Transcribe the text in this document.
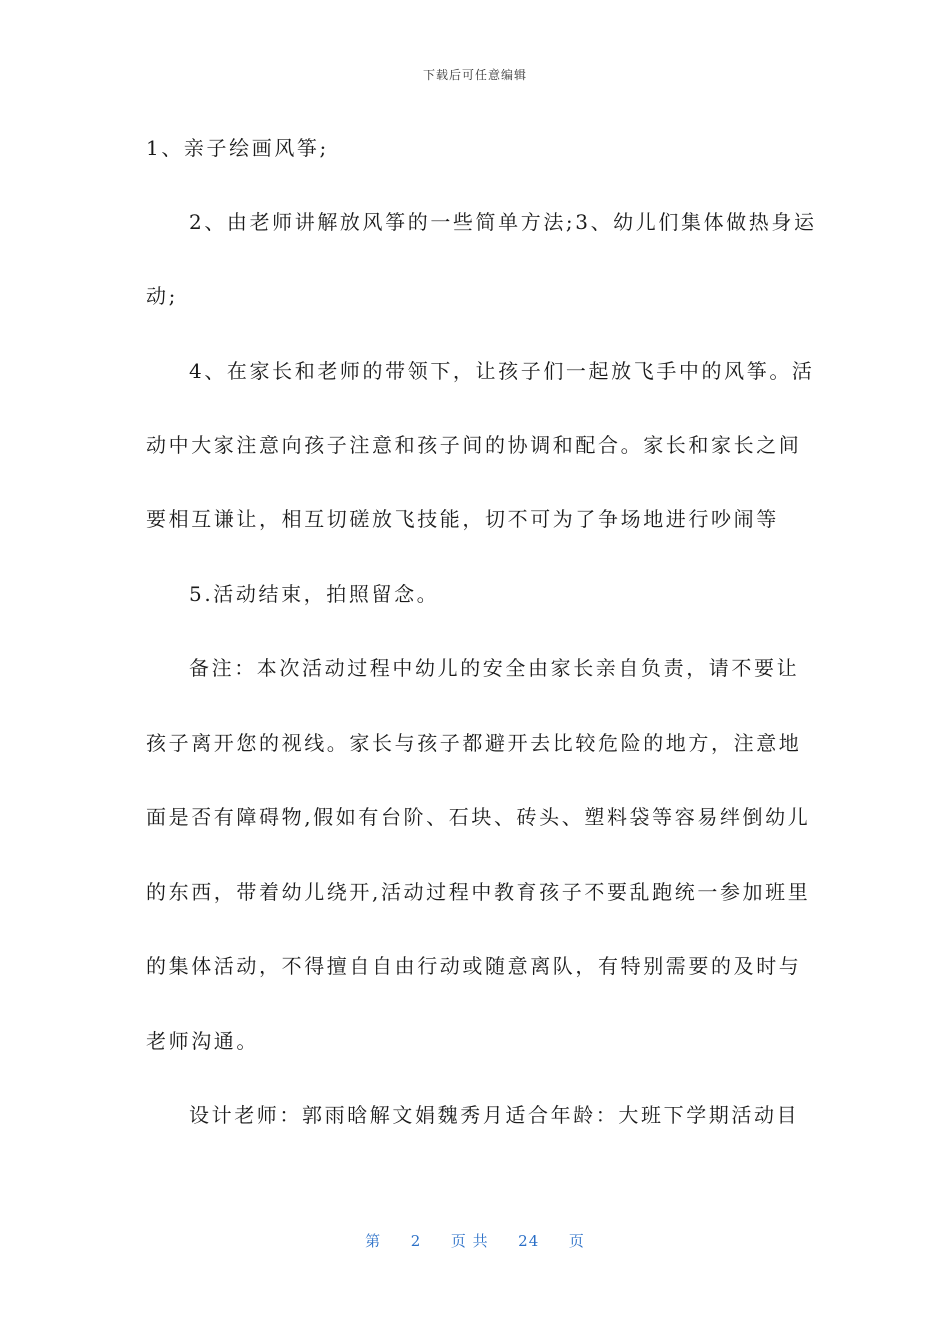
下载后可任意编辑
1、亲子绘画风筝;
2、由老师讲解放风筝的一些简单方法;3、幼儿们集体做热身运
动;
4、在家长和老师的带领下，让孩子们一起放飞手中的风筝。活
动中大家注意向孩子注意和孩子间的协调和配合。家长和家长之间
要相互谦让，相互切磋放飞技能，切不可为了争场地进行吵闹等
5.活动结束，拍照留念。
备注：本次活动过程中幼儿的安全由家长亲自负责，请不要让
孩子离开您的视线。家长与孩子都避开去比较危险的地方，注意地
面是否有障碍物,假如有台阶、石块、砖头、塑料袋等容易绊倒幼儿
的东西，带着幼儿绕开,活动过程中教育孩子不要乱跑统一参加班里
的集体活动，不得擅自自由行动或随意离队，有特别需要的及时与
老师沟通。
设计老师：郭雨晗解文娟魏秀月适合年龄：大班下学期活动目
第 2 页 共 24 页
